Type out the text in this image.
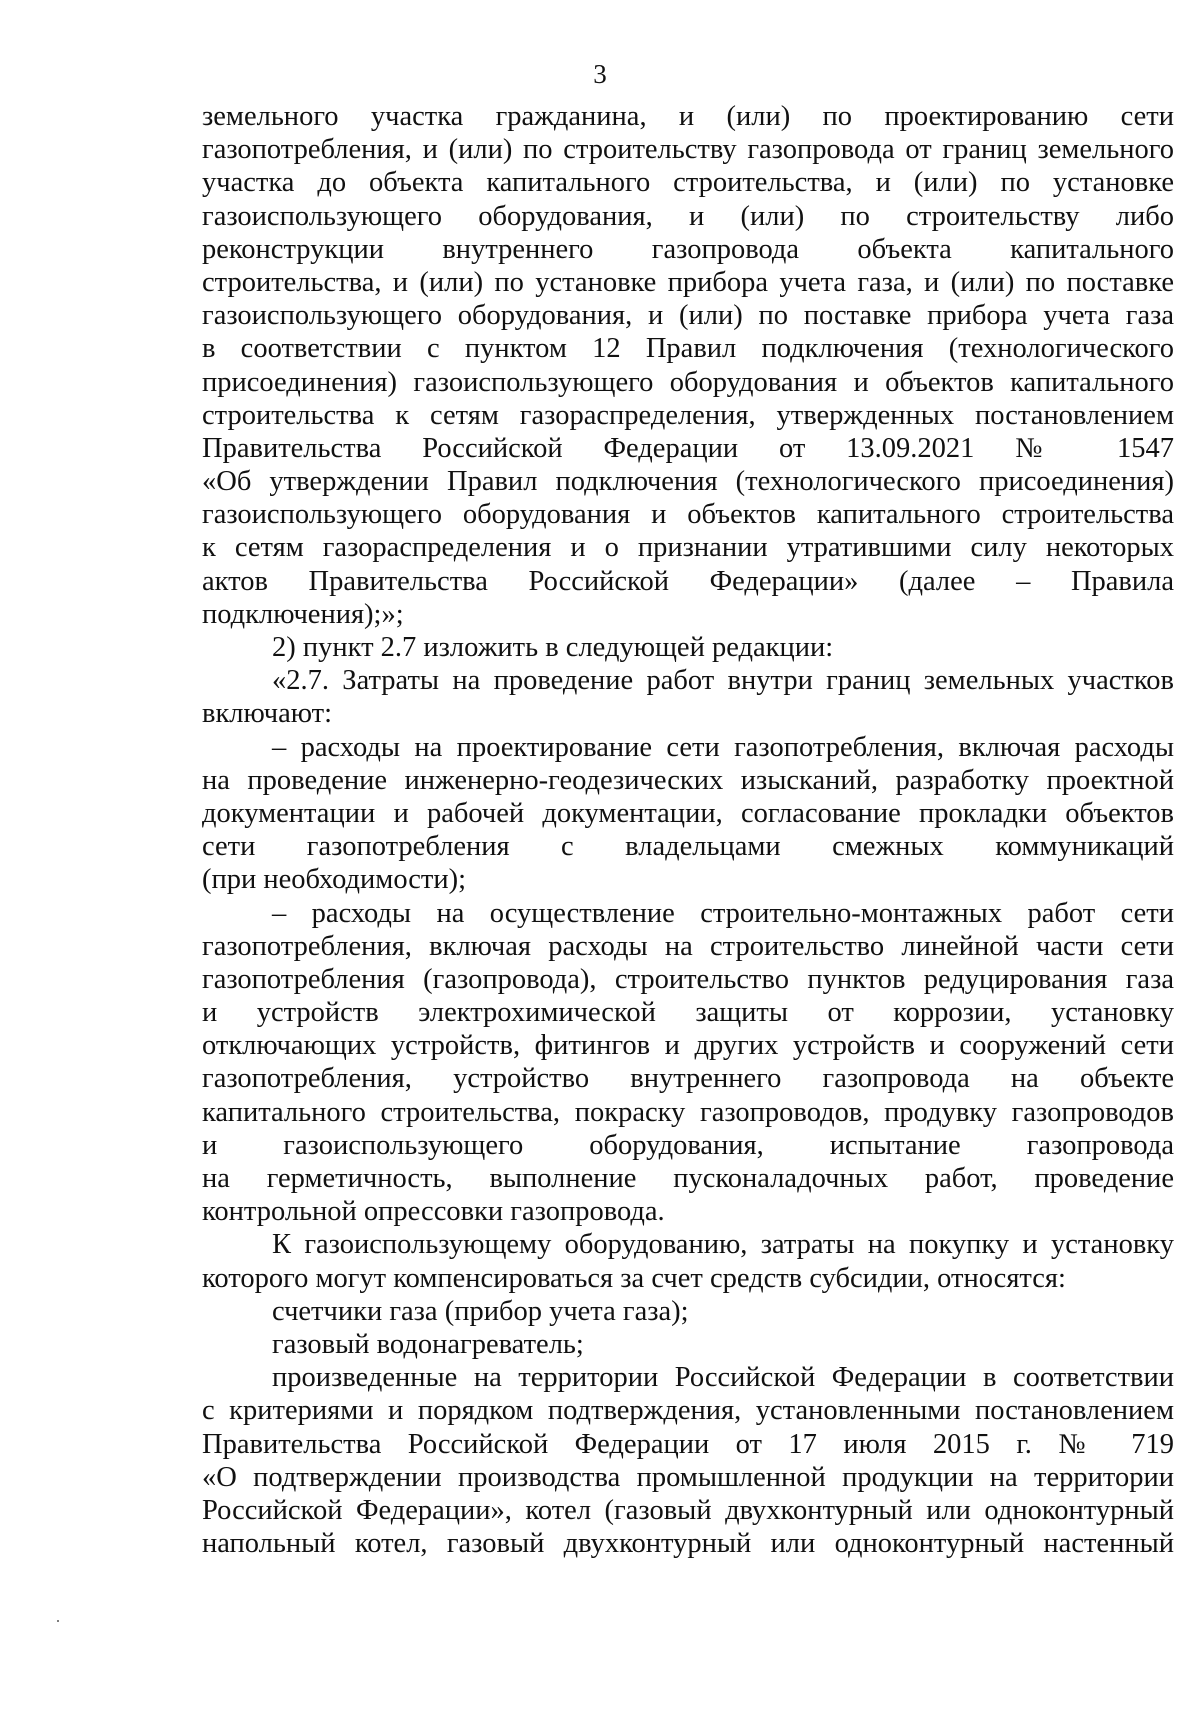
3
земельного участка гражданина, и (или) по проектированию сети
газопотребления, и (или) по строительству газопровода от границ земельного
участка до объекта капитального строительства, и (или) по установке
газоиспользующего оборудования, и (или) по строительству либо
реконструкции внутреннего газопровода объекта капитального
строительства, и (или) по установке прибора учета газа, и (или) по поставке
газоиспользующего оборудования, и (или) по поставке прибора учета газа
в соответствии с пунктом 12 Правил подключения (технологического
присоединения) газоиспользующего оборудования и объектов капитального
строительства к сетям газораспределения, утвержденных постановлением
Правительства Российской Федерации от 13.09.2021 № 1547
«Об утверждении Правил подключения (технологического присоединения)
газоиспользующего оборудования и объектов капитального строительства
к сетям газораспределения и о признании утратившими силу некоторых
актов Правительства Российской Федерации» (далее – Правила
подключения);»;
2) пункт 2.7 изложить в следующей редакции:
«2.7. Затраты на проведение работ внутри границ земельных участков
включают:
– расходы на проектирование сети газопотребления, включая расходы
на проведение инженерно-геодезических изысканий, разработку проектной
документации и рабочей документации, согласование прокладки объектов
сети газопотребления с владельцами смежных коммуникаций
(при необходимости);
– расходы на осуществление строительно-монтажных работ сети
газопотребления, включая расходы на строительство линейной части сети
газопотребления (газопровода), строительство пунктов редуцирования газа
и устройств электрохимической защиты от коррозии, установку
отключающих устройств, фитингов и других устройств и сооружений сети
газопотребления, устройство внутреннего газопровода на объекте
капитального строительства, покраску газопроводов, продувку газопроводов
и газоиспользующего оборудования, испытание газопровода
на герметичность, выполнение пусконаладочных работ, проведение
контрольной опрессовки газопровода.
К газоиспользующему оборудованию, затраты на покупку и установку
которого могут компенсироваться за счет средств субсидии, относятся:
счетчики газа (прибор учета газа);
газовый водонагреватель;
произведенные на территории Российской Федерации в соответствии
с критериями и порядком подтверждения, установленными постановлением
Правительства Российской Федерации от 17 июля 2015 г. № 719
«О подтверждении производства промышленной продукции на территории
Российской Федерации», котел (газовый двухконтурный или одноконтурный
напольный котел, газовый двухконтурный или одноконтурный настенный
